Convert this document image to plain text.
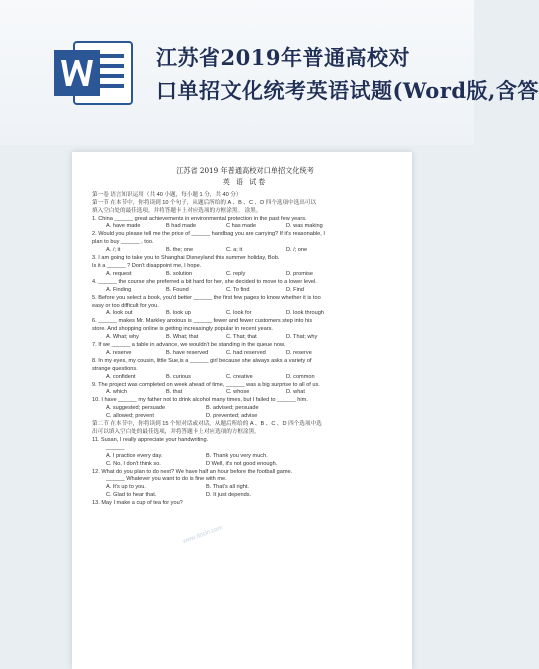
江苏省2019年普通高校对
口单招文化统考英语试题(Word版,含答
江苏省 2019 年普通高校对口单招文化统考
英 语 试卷
第一卷 语言知识运用（共 40 小题，每小题 1 分，共 40 分）
第一节 在本节中，你将读到 10 个句子，从题后所给的 A 、B 、C 、D 四个选项中选出可以
填入空白处的最佳选项，并将答题卡上对应选项的方框涂黑。 涂黑。
1. China ______ great achievements in environmental protection in the past few years.
A. have made	B had made	C has made	D. was making
2. Would you please tell me the price of ______ handbag you are carrying? If it's reasonable, I
plan to buy ______ , too.
A. /; it	B. the; one	C. a; it	D. /; one
3. I am going to take you to Shanghai Disneyland this summer holiday, Bob.
Is it a ______ ? Don't disappoint me, I hope.
A. request	B. solution	C. reply	D. promise
4. ______ the course she preferred a bit hard for her, she decided to move to a lower level.
A. Finding	B. Found	C. To find	D. Find
5. Before you select a book, you'd better ______ the first few pages to know whether it is too
easy or too difficult for you.
A. look out	B. look up	C. look for	D. look through
6. ______ makes Mr. Markley anxious is ______ fewer and fewer customers step into his
store. And shopping online is getting increasingly popular in recent years.
A. What; why	B. What; that	C. That; that	D. That; why
7. If we ______ a table in advance, we wouldn't be standing in the queue now.
A. reserve	B. have reserved	C. had reserved	D. reserve
8. In my eyes, my cousin, little Sue,is a ______ girl because she always asks a variety of
strange questions.
A. confident	B. curious	C. creative	D. common
9. The project was completed on week ahead of time, ______ was a big surprise to all of us.
A. which	B. that	C. whose	D. what
10. I have ______ my father not to drink alcohol many times, but I failed to ______ him.
A. suggested; persuade	B. advised; persuade
C. allowed; prevent	D. prevented; advise
第二节 在本节中，你将读到 15 个短对话或对话，从题后所给的 A 、B 、C 、D 四个选项中选
出可以填入空白处的最佳选项，并将答题卡上对应选项的方框涂黑。
11. Susan, I really appreciate your handwriting.
______
A. I practice every day.	B. Thank you very much.
C. No, I don't think so.	D Well, it's not good enough.
12. What do you plan to do next? We have half an hour before the football game.
______ Whatever you want to do is fine with me.
A. It's up to you.	B. That's all right.
C. Glad to hear that.	D. It just depends.
13. May I make a cup of tea for you?
www.docin.com
